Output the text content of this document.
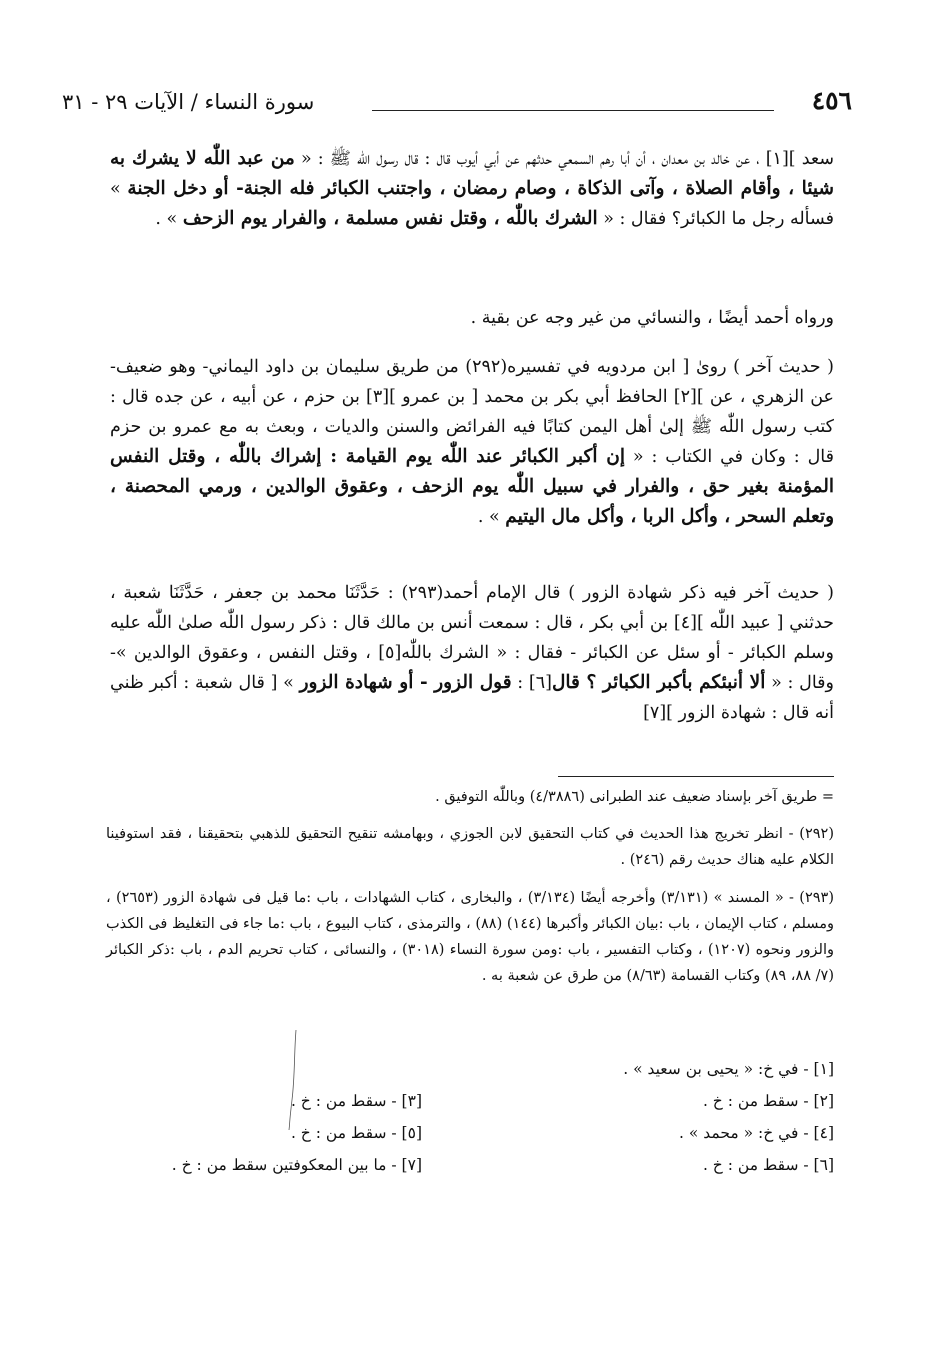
٤٥٦
سورة النساء / الآيات ٢٩ - ٣١
سعد ][١] ، عن خالد بن معدان ، أن أبا رهم السمعي حدثهم عن أبي أيوب قال : قال رسول اللّٰه ﷺ : « من عبد اللّٰه لا يشرك به شيئا ، وأقام الصلاة ، وآتى الذكاة ، وصام رمضان ، واجتنب الكبائر فله الجنة- أو دخل الجنة » فسأله رجل ما الكبائر؟ فقال : « الشرك باللّٰه ، وقتل نفس مسلمة ، والفرار يوم الزحف » .
ورواه أحمد أيضًا ، والنسائي من غير وجه عن بقية .
( حديث آخر ) روىٰ [ ابن مردويه في تفسيره(٢٩٢) من طريق سليمان بن داود اليماني- وهو ضعيف- عن الزهري ، عن ][٢] الحافظ أبي بكر بن محمد [ بن عمرو ][٣] بن حزم ، عن أبيه ، عن جده قال : كتب رسول اللّٰه ﷺ إلىٰ أهل اليمن كتابًا فيه الفرائض والسنن والديات ، وبعث به مع عمرو بن حزم قال : وكان في الكتاب : « إن أكبر الكبائر عند اللّٰه يوم القيامة : إشراك باللّٰه ، وقتل النفس المؤمنة بغير حق ، والفرار في سبيل اللّٰه يوم الزحف ، وعقوق الوالدين ، ورمي المحصنة ، وتعلم السحر ، وأكل الربا ، وأكل مال اليتيم » .
( حديث آخر فيه ذكر شهادة الزور ) قال الإمام أحمد(٢٩٣) : حَدَّثَنَا محمد بن جعفر ، حَدَّثَنَا شعبة ، حدثني [ عبيد اللّٰه ][٤] بن أبي بكر ، قال : سمعت أنس بن مالك قال : ذكر رسول اللّٰه صلىٰ اللّٰه عليه وسلم الكبائر - أو سئل عن الكبائر - فقال : « الشرك باللّٰه[٥] ، وقتل النفس ، وعقوق الوالدين »- وقال : « ألا أنبئكم بأكبر الكبائر ؟ قال[٦] : قول الزور - أو شهادة الزور » [ قال شعبة : أكبر ظني أنه قال : شهادة الزور ][٧]
= طريق آخر بإسناد ضعيف عند الطبرانى (٤/٣٨٨٦) وباللّٰه التوفيق .
(٢٩٢) - انظر تخريج هذا الحديث في كتاب التحقيق لابن الجوزي ، وبهامشه تنقيح التحقيق للذهبي بتحقيقنا ، فقد استوفينا الكلام عليه هناك حديث رقم (٢٤٦) .
(٢٩٣) - « المسند » (٣/١٣١) وأخرجه أيضًا (٣/١٣٤) ، والبخارى ، كتاب الشهادات ، باب :ما قيل فى شهادة الزور (٢٦٥٣) ، ومسلم ، كتاب الإيمان ، باب :بيان الكبائر وأكبرها (١٤٤) (٨٨) ، والترمذى ، كتاب البيوع ، باب :ما جاء فى التغليظ فى الكذب والزور ونحوه (١٢٠٧) ، وكتاب التفسير ، باب :ومن سورة النساء (٣٠١٨) ، والنسائى ، كتاب تحريم الدم ، باب :ذكر الكبائر (٧/ ٨٨، ٨٩) وكتاب القسامة (٨/٦٣) من طرق عن شعبة به .
[١] - في خ: « يحيى بن سعيد » .
[٢] - سقط من : خ .
[٣] - سقط من : خ .
[٤] - في خ: « محمد » .
[٥] - سقط من : خ .
[٦] - سقط من : خ .
[٧] - ما بين المعكوفتين سقط من : خ .
